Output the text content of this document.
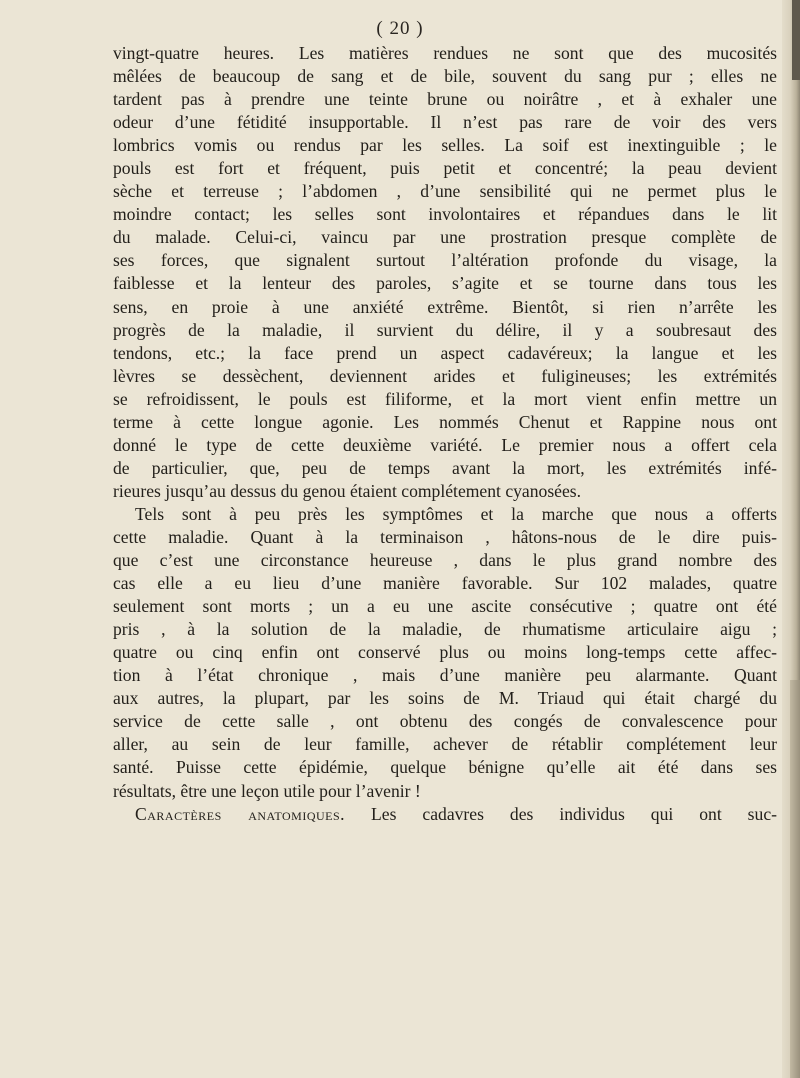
( 20 )
vingt-quatre heures. Les matières rendues ne sont que des mucosités
mêlées de beaucoup de sang et de bile, souvent du sang pur ; elles ne
tardent pas à prendre une teinte brune ou noirâtre , et à exhaler une
odeur d’une fétidité insupportable. Il n’est pas rare de voir des vers
lombrics vomis ou rendus par les selles. La soif est inextinguible ; le
pouls est fort et fréquent, puis petit et concentré; la peau devient
sèche et terreuse ; l’abdomen , d’une sensibilité qui ne permet plus le
moindre contact; les selles sont involontaires et répandues dans le lit
du malade. Celui-ci, vaincu par une prostration presque complète de
ses forces, que signalent surtout l’altération profonde du visage, la
faiblesse et la lenteur des paroles, s’agite et se tourne dans tous les
sens, en proie à une anxiété extrême. Bientôt, si rien n’arrête les
progrès de la maladie, il survient du délire, il y a soubresaut des
tendons, etc.; la face prend un aspect cadavéreux; la langue et les
lèvres se dessèchent, deviennent arides et fuligineuses; les extrémités
se refroidissent, le pouls est filiforme, et la mort vient enfin mettre un
terme à cette longue agonie. Les nommés Chenut et Rappine nous ont
donné le type de cette deuxième variété. Le premier nous a offert cela
de particulier, que, peu de temps avant la mort, les extrémités infé-
rieures jusqu’au dessus du genou étaient complétement cyanosées.
Tels sont à peu près les symptômes et la marche que nous a offerts
cette maladie. Quant à la terminaison , hâtons-nous de le dire puis-
que c’est une circonstance heureuse , dans le plus grand nombre des
cas elle a eu lieu d’une manière favorable. Sur 102 malades, quatre
seulement sont morts ; un a eu une ascite consécutive ; quatre ont été
pris , à la solution de la maladie, de rhumatisme articulaire aigu ;
quatre ou cinq enfin ont conservé plus ou moins long-temps cette affec-
tion à l’état chronique , mais d’une manière peu alarmante. Quant
aux autres, la plupart, par les soins de M. Triaud qui était chargé du
service de cette salle , ont obtenu des congés de convalescence pour
aller, au sein de leur famille, achever de rétablir complétement leur
santé. Puisse cette épidémie, quelque bénigne qu’elle ait été dans ses
résultats, être une leçon utile pour l’avenir !
Caractères anatomiques. Les cadavres des individus qui ont suc-
